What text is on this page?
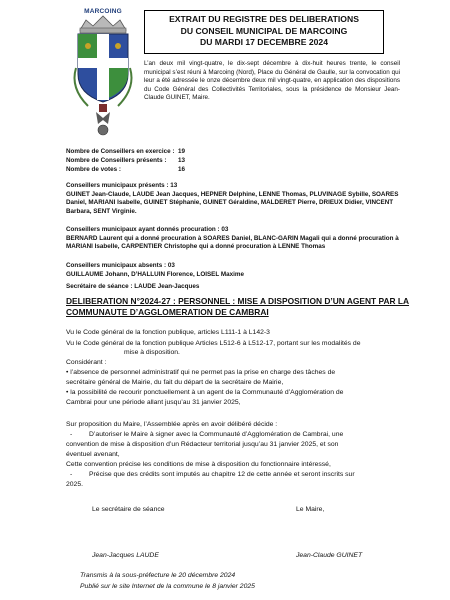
MARCOING
EXTRAIT DU REGISTRE DES DELIBERATIONS
DU CONSEIL MUNICIPAL DE MARCOING
DU MARDI 17 DECEMBRE 2024
L’an deux mil vingt-quatre, le dix-sept décembre à dix-huit heures trente, le conseil municipal s’est réuni à Marcoing (Nord), Place du Général de Gaulle, sur la convocation qui leur a été adressée le onze décembre deux mil vingt-quatre, en application des dispositions du Code Général des Collectivités Territoriales, sous la présidence de Monsieur Jean-Claude GUINET, Maire.
Nombre de Conseillers en exercice : 19
Nombre de Conseillers présents : 13
Nombre de votes :	16
Conseillers municipaux présents : 13
GUINET Jean-Claude, LAUDE Jean Jacques, HEPNER Delphine, LENNE Thomas, PLUVINAGE Sybille, SOARES Daniel, MARIANI Isabelle, GUINET Stéphanie, GUINET Géraldine, MALDERET Pierre, DRIEUX Didier, VINCENT Barbara, SENT Virginie.
Conseillers municipaux ayant donnés procuration : 03
BERNARD Laurent qui a donné procuration à SOARES Daniel, BLANC-GARIN Magali qui a donné procuration à MARIANI Isabelle, CARPENTIER Christophe qui a donné procuration à LENNE Thomas
Conseillers municipaux absents : 03
GUILLAUME Johann, D’HALLUIN Florence, LOISEL Maxime
Secrétaire de séance : LAUDE Jean-Jacques
DELIBERATION N°2024-27 : PERSONNEL : MISE A DISPOSITION D’UN AGENT PAR LA
COMMUNAUTE D’AGGLOMERATION DE CAMBRAI
Vu le Code général de la fonction publique, articles L111-1 à L142-3
Vu le Code général de la fonction publique Articles L512-6 à L512-17, portant sur les modalités de
mise à disposition.
Considérant :
• l’absence de personnel administratif qui ne permet pas la prise en charge des tâches de
secrétaire général de Mairie, du fait du départ de la secrétaire de Mairie,
• la possibilité de recourir ponctuellement à un agent de la Communauté d’Agglomération de
Cambrai pour une période allant jusqu’au 31 janvier 2025,
Sur proposition du Maire, l’Assemblée après en avoir délibéré décide :
-	D’autoriser le Maire à signer avec la Communauté d’Agglomération de Cambrai, une
convention de mise à disposition d’un Rédacteur territorial jusqu’au 31 janvier 2025, et son
éventuel avenant,
Cette convention précise les conditions de mise à disposition du fonctionnaire intéressé,
-	Précise que des crédits sont imputés au chapitre 12 de cette année et seront inscrits sur
2025.
Le secrétaire de séance	Le Maire,
Jean-Jacques LAUDE	Jean-Claude GUINET
Transmis à la sous-préfecture le 20 décembre 2024
Publié sur le site Internet de la commune le 8 janvier 2025
